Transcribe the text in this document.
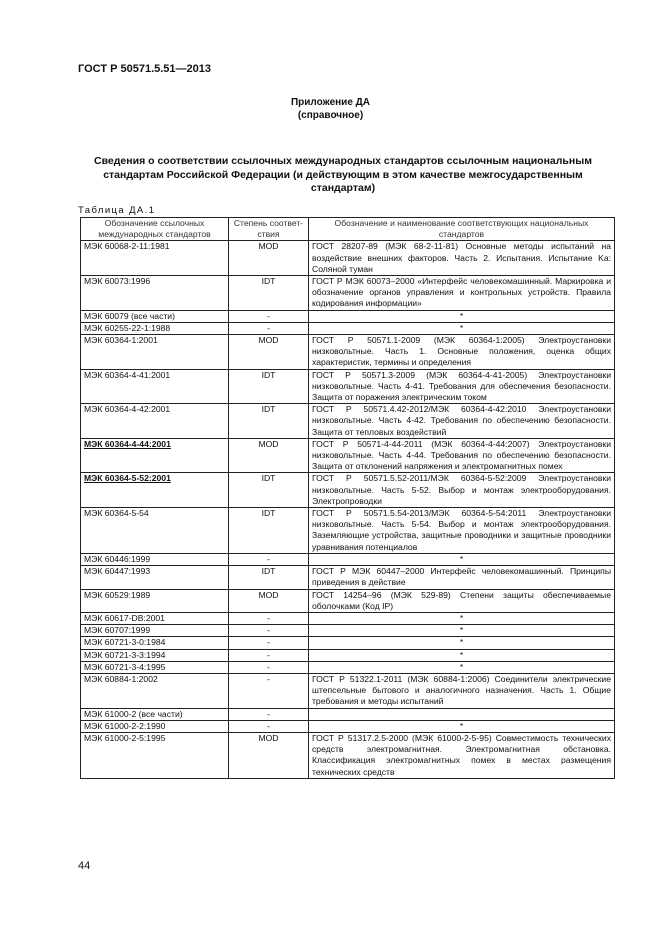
ГОСТ Р 50571.5.51—2013
Приложение ДА
(справочное)
Сведения о соответствии ссылочных международных стандартов ссылочным национальным стандартам Российской Федерации (и действующим в этом качестве межгосударственным стандартам)
Таблица ДА.1
Обозначение ссылочных международных стандартов	Степень соответ-ствия	Обозначение и наименование соответствующих национальных стандартов
МЭК 60068-2-11:1981	MOD	ГОСТ 28207-89 (МЭК 68-2-11-81) Основные методы испытаний на воздействие внешних факторов. Часть 2. Испытания. Испытание Ka: Соляной туман
МЭК 60073:1996	IDT	ГОСТ Р МЭК 60073–2000 «Интерфейс человекомашинный. Маркировка и обозначение органов управления и контрольных устройств. Правила кодирования информации»
МЭК 60079 (все части)	-	*
МЭК 60255-22-1:1988	-	*
МЭК 60364-1:2001	MOD	ГОСТ Р 50571.1-2009 (МЭК 60364-1:2005) Электроустановки низковольтные. Часть 1. Основные положения, оценка общих характеристик, термины и определения
МЭК 60364-4-41:2001	IDT	ГОСТ Р 50571.3-2009 (МЭК 60364-4-41-2005) Электроустановки низковольтные. Часть 4-41. Требования для обеспечения безопасности. Защита от поражения электрическим током
МЭК 60364-4-42:2001	IDT	ГОСТ Р 50571.4.42-2012/МЭК 60364-4-42:2010 Электроустановки низковольтные. Часть 4-42. Требования по обеспечению безопасности. Защита от тепловых воздействий
МЭК 60364-4-44:2001	MOD	ГОСТ Р 50571-4-44-2011 (МЭК 60364-4-44:2007) Электроустановки низковольтные. Часть 4-44. Требования по обеспечению безопасности. Защита от отклонений напряжения и электромагнитных помех
МЭК 60364-5-52:2001	IDT	ГОСТ Р 50571.5.52-2011/МЭК 60364-5-52:2009 Электроустановки низковольтные. Часть 5-52. Выбор и монтаж электрооборудования. Электропроводки
МЭК 60364-5-54	IDT	ГОСТ Р 50571.5.54-2013/МЭК 60364-5-54:2011 Электроустановки низковольтные. Часть 5-54. Выбор и монтаж электрооборудования. Заземляющие устройства, защитные проводники и защитные проводники уравнивания потенциалов
МЭК 60446:1999	-	*
МЭК 60447:1993	IDT	ГОСТ Р МЭК 60447–2000 Интерфейс человекомашинный. Принципы приведения в действие
МЭК 60529:1989	MOD	ГОСТ 14254–96 (МЭК 529-89) Степени защиты обеспечиваемые оболочками (Код IP)
МЭК 60617-DB:2001	-	*
МЭК 60707:1999	-	*
МЭК 60721-3-0:1984	-	*
МЭК 60721-3-3:1994	-	*
МЭК 60721-3-4:1995	-	*
МЭК 60884-1:2002	-	ГОСТ Р 51322.1-2011 (МЭК 60884-1:2006) Соединители электрические штепсельные бытового и аналогичного назначения. Часть 1. Общие требования и методы испытаний
МЭК 61000-2 (все части)	-	
МЭК 61000-2-2:1990	-	*
МЭК 61000-2-5:1995	MOD	ГОСТ Р 51317.2.5-2000 (МЭК 61000-2-5-95) Совместимость технических средств электромагнитная. Электромагнитная обстановка. Классификация электромагнитных помех в местах размещения технических средств
44
